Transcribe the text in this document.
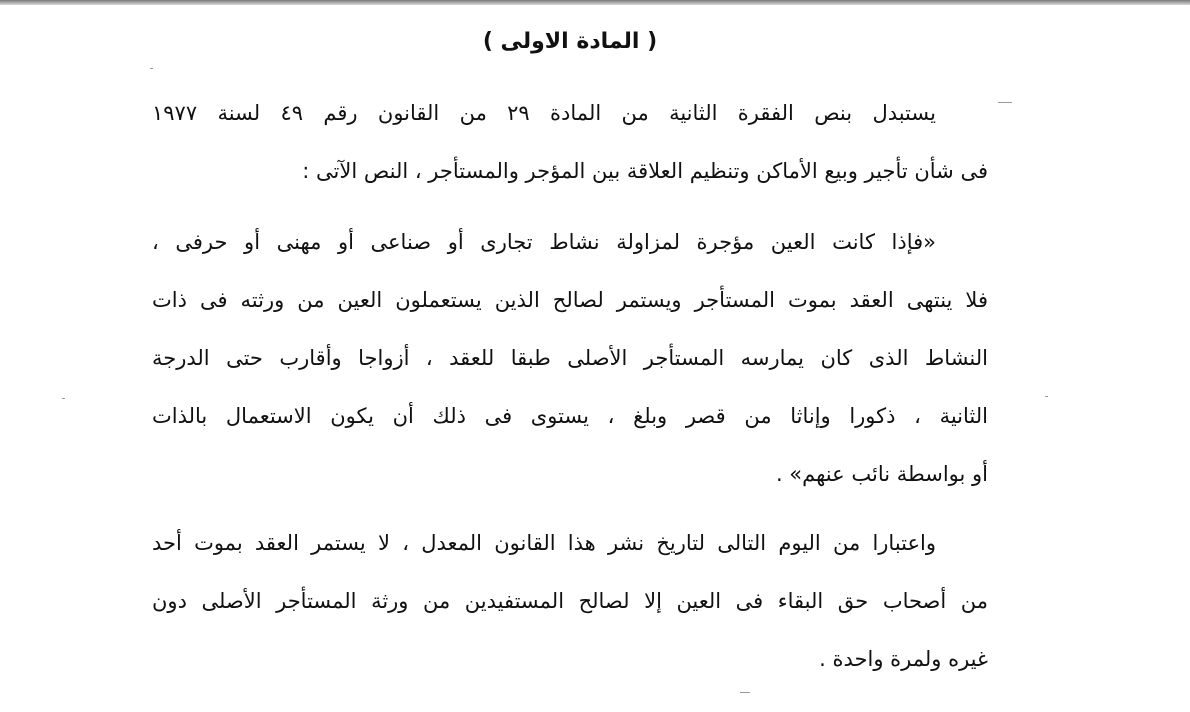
( المادة الاولى )
يستبدل بنص الفقرة الثانية من المادة ٢٩ من القانون رقم ٤٩ لسنة ١٩٧٧
فى شأن تأجير وبيع الأماكن وتنظيم العلاقة بين المؤجر والمستأجر ، النص الآتى :
«فإذا كانت العين مؤجرة لمزاولة نشاط تجارى أو صناعى أو مهنى أو حرفى ،
فلا ينتهى العقد بموت المستأجر ويستمر لصالح الذين يستعملون العين من ورثته فى ذات
النشاط الذى كان يمارسه المستأجر الأصلى طبقا للعقد ، أزواجا وأقارب حتى الدرجة
الثانية ، ذكورا وإناثا من قصر وبلغ ، يستوى فى ذلك أن يكون الاستعمال بالذات
أو بواسطة نائب عنهم» .
واعتبارا من اليوم التالى لتاريخ نشر هذا القانون المعدل ، لا يستمر العقد بموت أحد
من أصحاب حق البقاء فى العين إلا لصالح المستفيدين من ورثة المستأجر الأصلى دون
غيره ولمرة واحدة .
